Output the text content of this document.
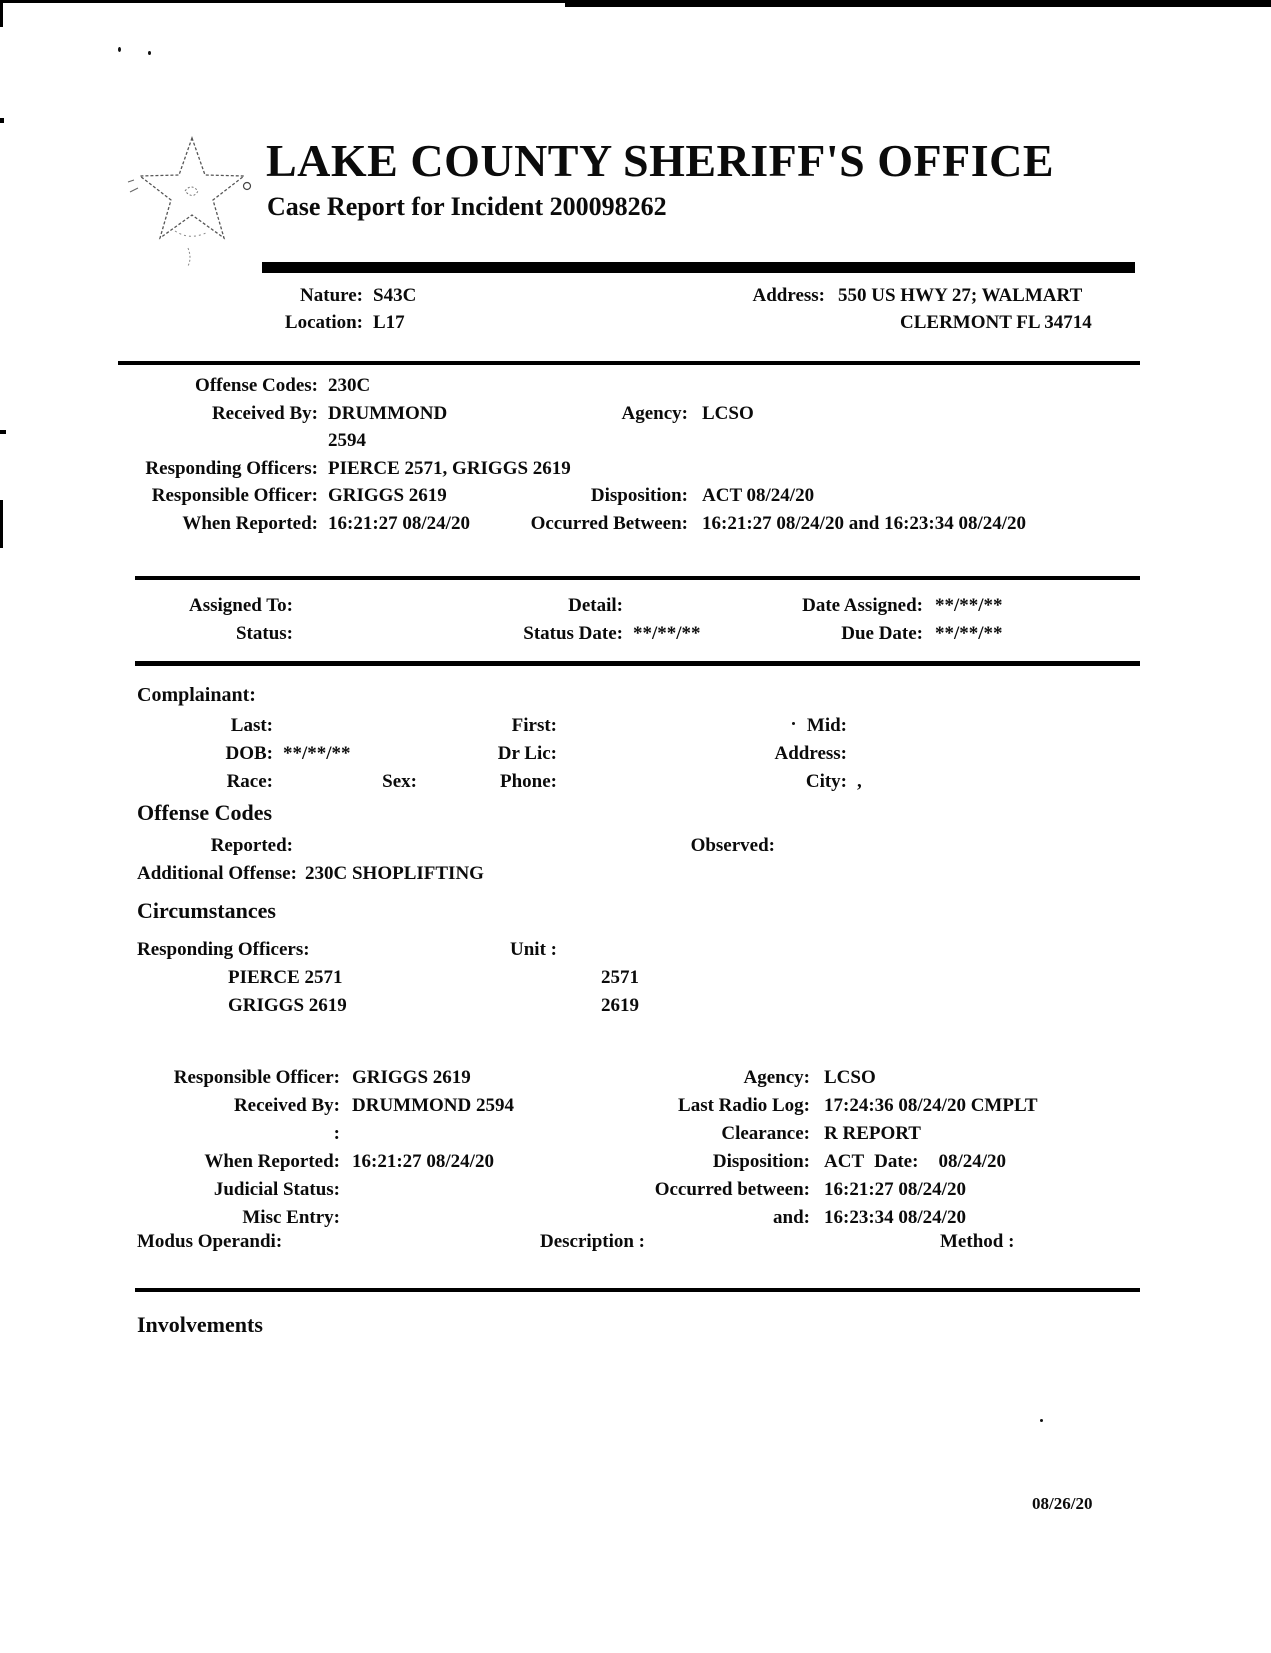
LAKE COUNTY SHERIFF'S OFFICE
Case Report for Incident 200098262
Nature: S43C
Location: L17
Address: 550 US HWY 27; WALMART
CLERMONT FL 34714
Offense Codes: 230C
Received By: DRUMMOND	Agency: LCSO
2594
Responding Officers: PIERCE 2571, GRIGGS 2619
Responsible Officer: GRIGGS 2619	Disposition: ACT 08/24/20
When Reported: 16:21:27 08/24/20	Occurred Between: 16:21:27 08/24/20 and 16:23:34 08/24/20
Assigned To:	Detail:	Date Assigned: **/**/**
Status:	Status Date: **/**/**	Due Date: **/**/**
Complainant:
Last:	First:	Mid:
DOB: **/**/**	Dr Lic:	Address:
Race:	Sex:	Phone:	City: ,
Offense Codes
Reported:	Observed:
Additional Offense: 230C SHOPLIFTING
Circumstances
Responding Officers:	Unit :
PIERCE 2571	2571
GRIGGS 2619	2619
Responsible Officer: GRIGGS 2619	Agency: LCSO
Received By: DRUMMOND 2594	Last Radio Log: 17:24:36 08/24/20 CMPLT
:	Clearance: R REPORT
When Reported: 16:21:27 08/24/20	Disposition: ACT Date: 08/24/20
Judicial Status:	Occurred between: 16:21:27 08/24/20
Misc Entry:	and: 16:23:34 08/24/20
Modus Operandi:	Description :	Method :
Involvements
08/26/20
